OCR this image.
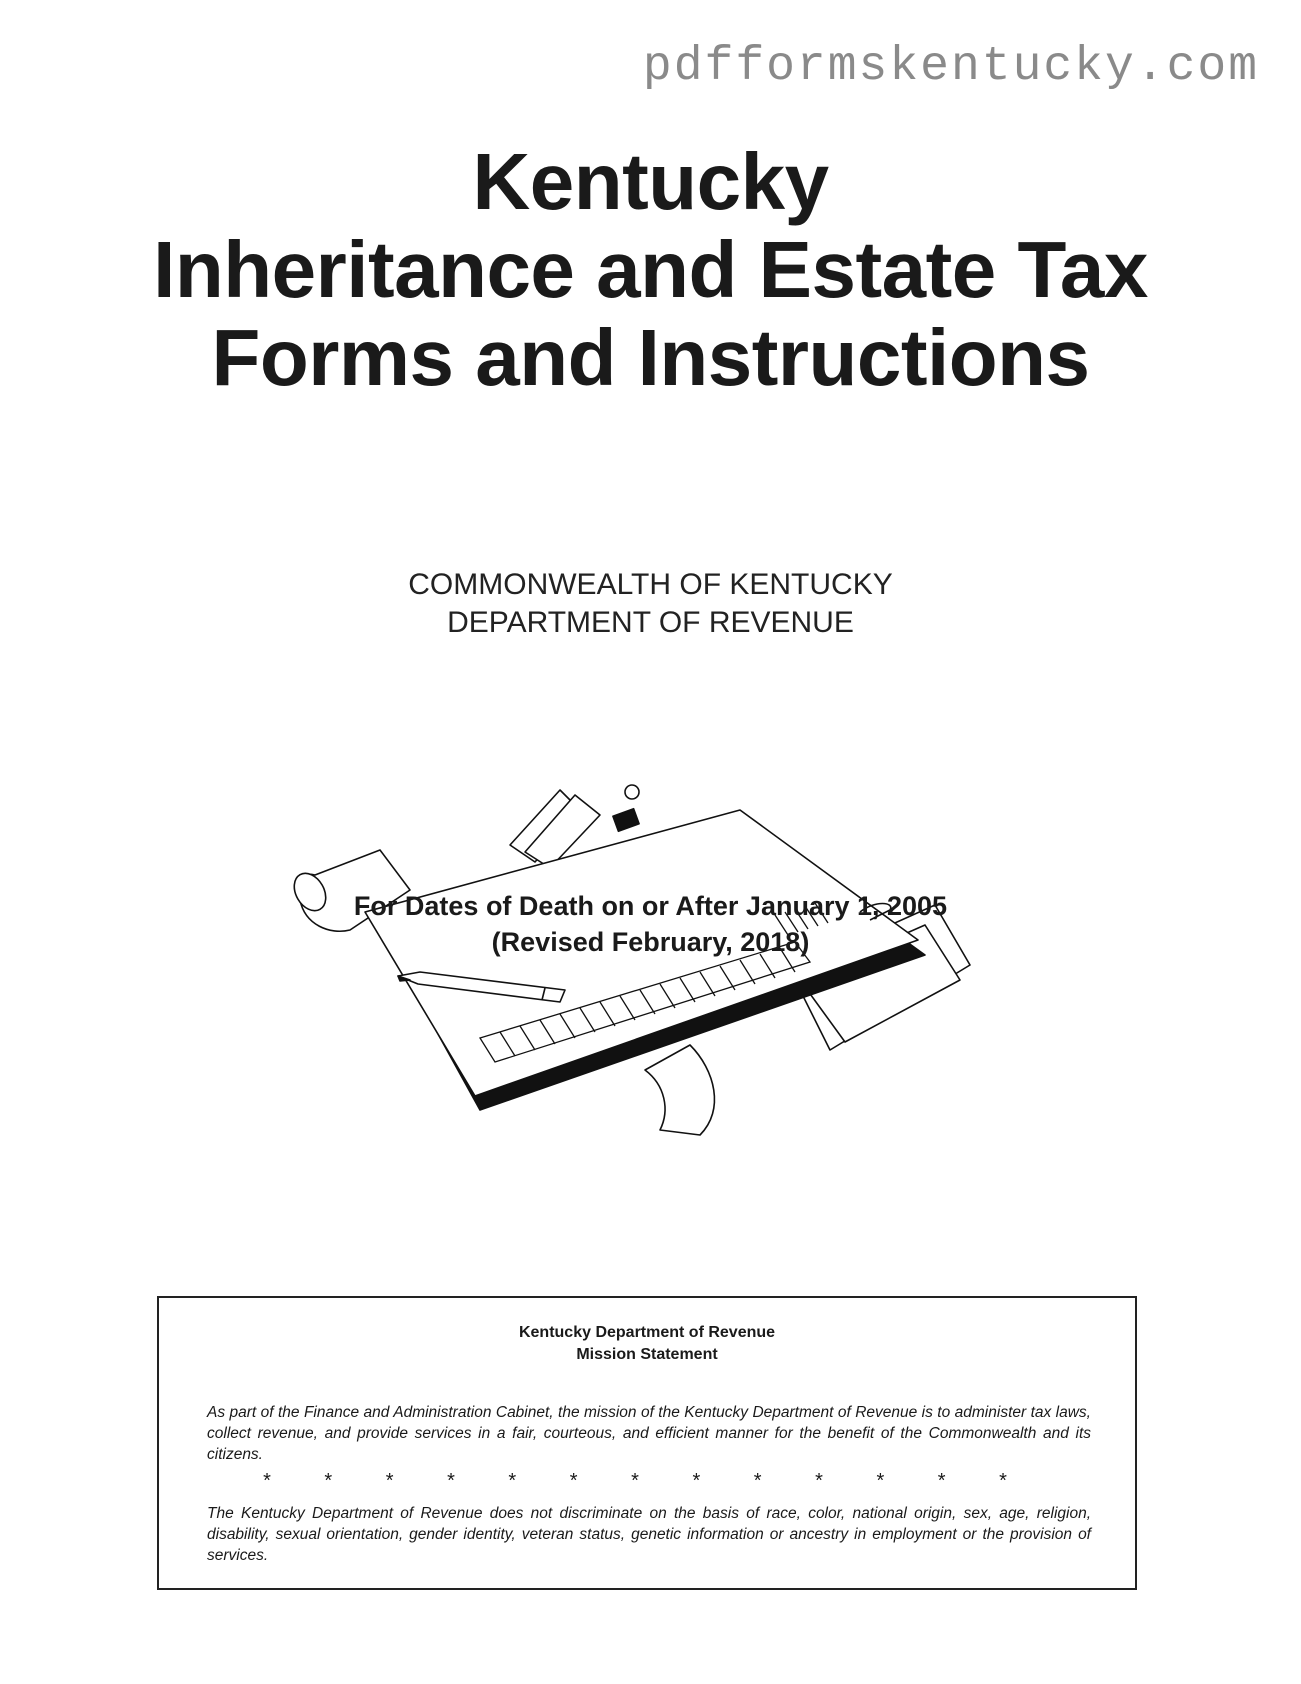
pdfformskentucky.com
Kentucky
Inheritance and Estate Tax
Forms and Instructions
COMMONWEALTH OF KENTUCKY
DEPARTMENT OF REVENUE
For Dates of Death on or After January 1, 2005
(Revised February, 2018)
Kentucky Department of Revenue
Mission Statement

As part of the Finance and Administration Cabinet, the mission of the Kentucky Department of Revenue is to administer tax laws, collect revenue, and provide services in a fair, courteous, and efficient manner for the benefit of the Commonwealth and its citizens.

* * * * * * * * * * * * *

The Kentucky Department of Revenue does not discriminate on the basis of race, color, national origin, sex, age, religion, disability, sexual orientation, gender identity, veteran status, genetic information or ancestry in employment or the provision of services.
